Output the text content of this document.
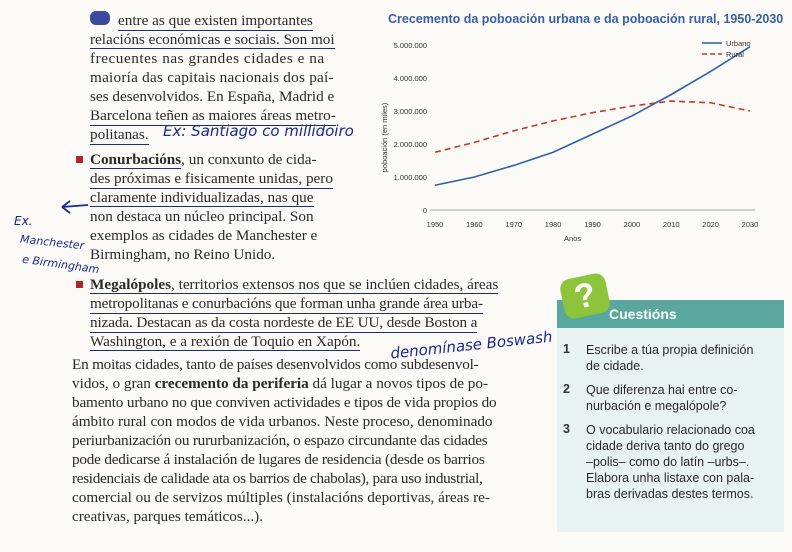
entre as que existen importantes
relacións económicas e sociais. Son moi
frecuentes nas grandes cidades e na
maioría das capitais nacionais dos paí-
ses desenvolvidos. En España, Madrid e
Barcelona teñen as maiores áreas metro-
politanas. Ex: Santiago co millidoiro
Conurbacións, un conxunto de cida-
des próximas e fisicamente unidas, pero
claramente individualizadas, nas que
non destaca un núcleo principal. Son
exemplos as cidades de Manchester e
Birmingham, no Reino Unido.
Ex.
Manchester
e Birmingham
Megalópoles, territorios extensos nos que se inclúen cidades, áreas
metropolitanas e conurbacións que forman unha grande área urba-
nizada. Destacan as da costa nordeste de EE UU, desde Boston a
Washington, e a rexión de Toquio en Xapón. denomínase Boswash
En moitas cidades, tanto de países desenvolvidos como subdesenvol-
vidos, o gran crecemento da periferia dá lugar a novos tipos de po-
bamento urbano no que conviven actividades e tipos de vida propios do
ámbito rural con modos de vida urbanos. Neste proceso, denominado
periurbanización ou rururbanización, o espazo circundante das cidades
pode dedicarse á instalación de lugares de residencia (desde os barrios
residenciais de calidade ata os barrios de chabolas), para uso industrial,
comercial ou de servizos múltiples (instalacións deportivas, áreas re-
creativas, parques temáticos...).
Crecemento da poboación urbana e da poboación rural, 1950-2030
0
1.000.000
2.000.000
3.000.000
4.000.000
5.000.000
1950	1960	1970	1980	1990	2000	2010	2020	2030
Anos
poboación (en miles)
Urbano
Rural
Cuestións
?
1 Escribe a túa propia definición
de cidade.
2 Que diferenza hai entre co-
nurbación e megalópole?
3 O vocabulario relacionado coa
cidade deriva tanto do grego
–polis– como do latín –urbs–.
Elabora unha listaxe con pala-
bras derivadas destes termos.
